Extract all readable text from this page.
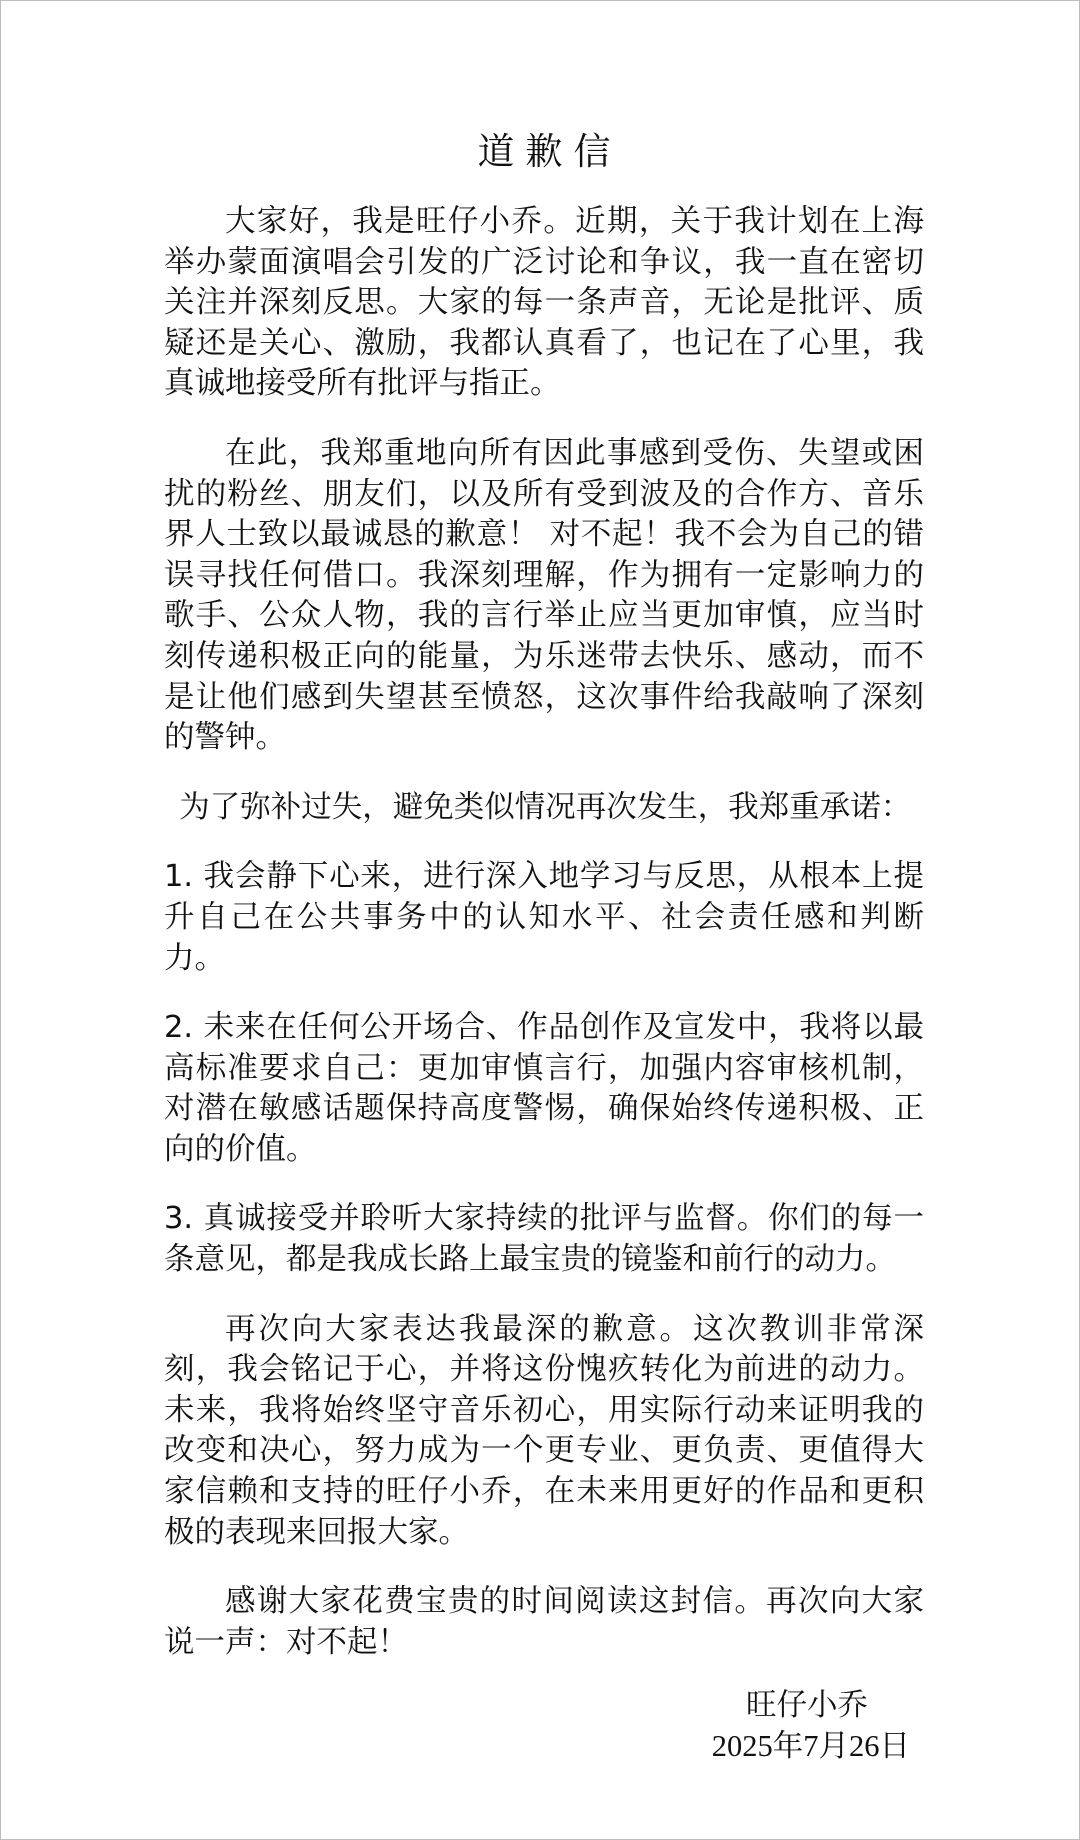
道歉信

大家好，我是旺仔小乔。近期，关于我计划在上海举办蒙面演唱会引发的广泛讨论和争议，我一直在密切关注并深刻反思。大家的每一条声音，无论是批评、质疑还是关心、激励，我都认真看了，也记在了心里，我真诚地接受所有批评与指正。

在此，我郑重地向所有因此事感到受伤、失望或困扰的粉丝、朋友们，以及所有受到波及的合作方、音乐界人士致以最诚恳的歉意！ 对不起！我不会为自己的错误寻找任何借口。我深刻理解，作为拥有一定影响力的歌手、公众人物，我的言行举止应当更加审慎，应当时刻传递积极正向的能量，为乐迷带去快乐、感动，而不是让他们感到失望甚至愤怒，这次事件给我敲响了深刻的警钟。

为了弥补过失，避免类似情况再次发生，我郑重承诺：

1. 我会静下心来，进行深入地学习与反思，从根本上提升自己在公共事务中的认知水平、社会责任感和判断力。

2. 未来在任何公开场合、作品创作及宣发中，我将以最高标准要求自己：更加审慎言行，加强内容审核机制，对潜在敏感话题保持高度警惕，确保始终传递积极、正向的价值。

3. 真诚接受并聆听大家持续的批评与监督。你们的每一条意见，都是我成长路上最宝贵的镜鉴和前行的动力。

再次向大家表达我最深的歉意。这次教训非常深刻，我会铭记于心，并将这份愧疚转化为前进的动力。未来，我将始终坚守音乐初心，用实际行动来证明我的改变和决心，努力成为一个更专业、更负责、更值得大家信赖和支持的旺仔小乔，在未来用更好的作品和更积极的表现来回报大家。

感谢大家花费宝贵的时间阅读这封信。再次向大家说一声：对不起！

旺仔小乔
2025年7月26日
